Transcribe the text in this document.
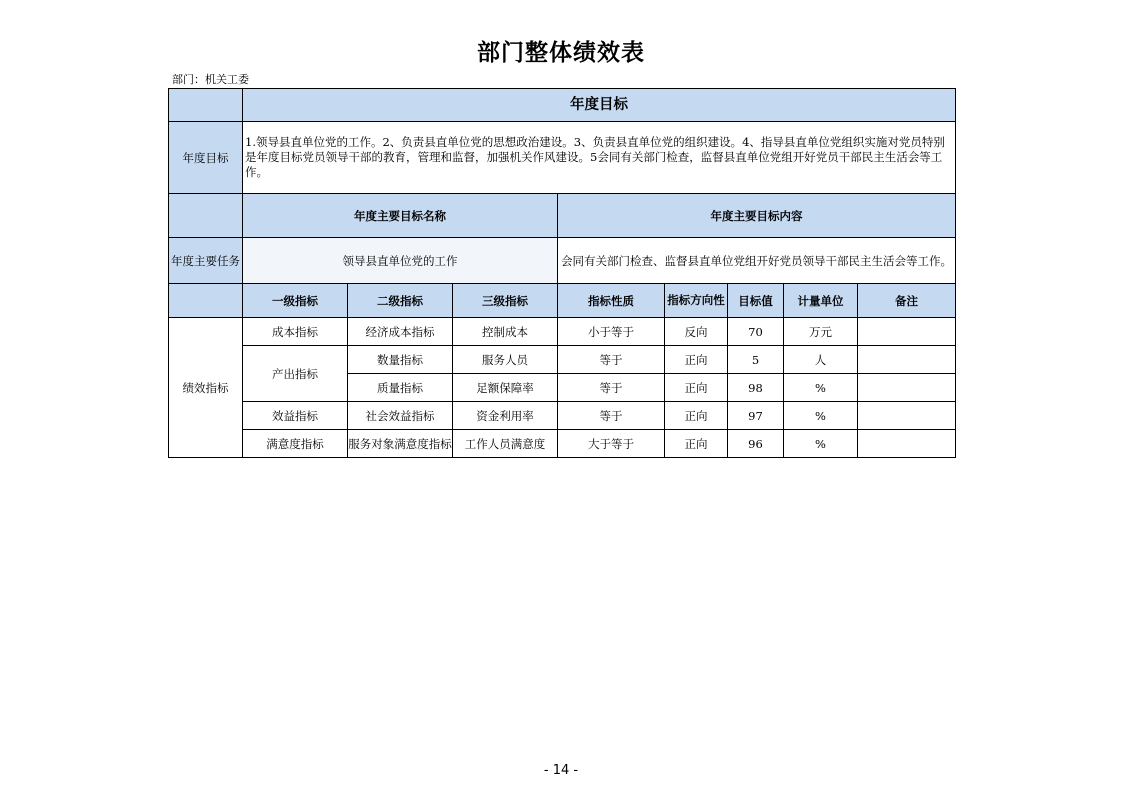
部门整体绩效表
部门：机关工委
	年度目标							
年度目标	1.领导县直单位党的工作。2、负责县直单位党的思想政治建设。3、负责县直单位党的组织建设。4、指导县直单位党组织实施对党员特别是年度目标党员领导干部的教育，管理和监督，加强机关作风建设。5会同有关部门检查，监督县直单位党组开好党员干部民主生活会等工作。							
	年度主要目标名称			年度主要目标内容				
年度主要任务	领导县直单位党的工作			会同有关部门检查、监督县直单位党组开好党员领导干部民主生活会等工作。				
	一级指标	二级指标	三级指标	指标性质	指标方向性	目标值	计量单位	备注
绩效指标	成本指标	经济成本指标	控制成本	小于等于	反向	70	万元	
	产出指标	数量指标	服务人员	等于	正向	5	人	
		质量指标	足额保障率	等于	正向	98	%	
	效益指标	社会效益指标	资金利用率	等于	正向	97	%	
	满意度指标	服务对象满意度指标	工作人员满意度	大于等于	正向	96	%	
- 14 -
